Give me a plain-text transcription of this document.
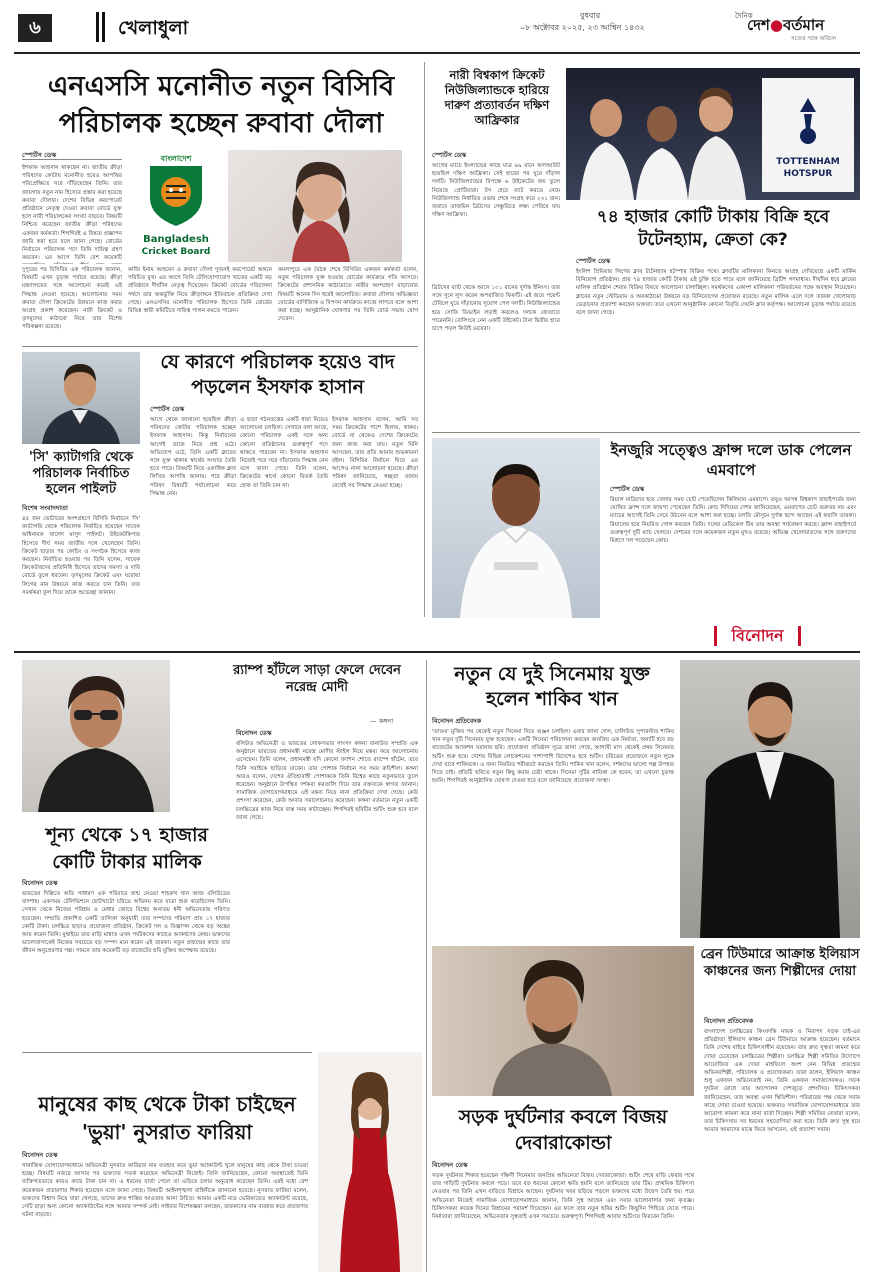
৬	খেলাধুলা
বুধবার
০৮ অক্টোবর ২০২৫, ২৩ আশ্বিন ১৪৩২
দৈনিক
দেশ●বর্তমান
সত্যের পক্ষে অবিচল
এনএসসি মনোনীত নতুন বিসিবি পরিচালক হচ্ছেন রুবাবা দৌলা
স্পোর্টস ডেস্ক	বাংলাদেশ
Bangladesh
Cricket Board
ইশফাক আহসান থাকছেন না। জাতীয় ক্রীড়া পরিষদের কোটায় মনোনীত হয়েও আপত্তির পরিপ্রেক্ষিতে সরে দাঁড়িয়েছেন তিনি। তার জায়গায় নতুন নাম হিসেবে প্রস্তাব করা হয়েছে রুবাবা দৌলার। দেশের বিভিন্ন করপোরেট প্রতিষ্ঠানে নেতৃত্ব দেওয়া রুবাবা বোর্ডে যুক্ত হলে নারী পরিচালকের সংখ্যা বাড়বে। বিষয়টি নিশ্চিত করেছেন জাতীয় ক্রীড়া পরিষদের একজন কর্মকর্তা। শিগগিরই এ বিষয়ে প্রজ্ঞাপন জারি করা হবে বলে জানা গেছে। বোর্ডের নির্বাচনে পরিচালক পদে তিনি দায়িত্ব গ্রহণ করবেন। এর আগে তিনি বেশ কয়েকটি
দুপুরের পর বিসিবির এক পরিচালক জানান, বিষয়টি এখন চূড়ান্ত পর্যায়ে রয়েছে। ক্রীড়া মন্ত্রণালয়ের সঙ্গে আলোচনা করেই এই সিদ্ধান্ত নেওয়া হয়েছে। আলোচনার সময় রুবাবা দৌলা ক্রিকেটের উন্নয়নে কাজ করার আগ্রহ প্রকাশ করেছেন। নারী ক্রিকেট ও তৃণমূলের কাঠামো নিয়ে তার বিশেষ পরিকল্পনা রয়েছে।
কাজি ইনাম আহমেদ ও রুবাবা দৌলা দুজনই করপোরেট অঙ্গনে পরিচিত মুখ। এর আগে তিনি টেলিযোগাযোগ খাতের একটি বড় প্রতিষ্ঠানে দীর্ঘদিন নেতৃত্ব দিয়েছেন। ক্রিকেট বোর্ডের পরিচালনা পর্ষদে তার অন্তর্ভুক্তি নিয়ে ক্রীড়াঙ্গনে ইতিবাচক প্রতিক্রিয়া দেখা গেছে। এনএসসির মনোনীত পরিচালক হিসেবে তিনি বোর্ডের বিভিন্ন স্থায়ী কমিটিতে দায়িত্ব পালন করতে পারেন।
কমলাপুরে এক বৈঠক শেষে বিসিবির একজন কর্মকর্তা বলেন, নতুন পরিচালক যুক্ত হওয়ায় বোর্ডের কার্যক্রমে গতি আসবে। ক্রিকেটের প্রশাসনিক কাঠামোতে নারীর অংশগ্রহণ বাড়ানোর বিষয়টি অনেক দিন ধরেই আলোচিত। রুবাবা দৌলার অভিজ্ঞতা বোর্ডের বাণিজ্যিক ও বিপণন কার্যক্রমে কাজে লাগবে বলে আশা করা হচ্ছে। আনুষ্ঠানিক ঘোষণার পর তিনি বোর্ড সভায় যোগ দেবেন।
যে কারণে পরিচালক হয়েও বাদ পড়লেন ইসফাক হাসান
স্পোর্টস ডেস্ক
আগে থেকে জানানো হয়েছিল ক্রীড়া পরিষদের কোটায় পরিচালক হচ্ছেন ইসফাক আহসান। কিন্তু নির্বাচনের আগেই তাকে নিয়ে প্রশ্ন ওঠে। অভিযোগ ওঠে, তিনি একটি ক্লাবের সঙ্গে যুক্ত থাকায় স্বার্থের সংঘাত তৈরি হতে পারে। বিষয়টি নিয়ে একাধিক ক্লাব লিখিত আপত্তি জানায়। পরে ক্রীড়া পরিষদ বিষয়টি পর্যালোচনা করে সিদ্ধান্ত নেয়।
এ ছাড়া গঠনতন্ত্রের একটি ধারা নিয়েও আলোচনা চলছিল। সেখানে বলা আছে, কোনো পরিচালক একই সঙ্গে অন্য কোনো প্রতিষ্ঠানের গুরুত্বপূর্ণ পদে থাকতে পারবেন না। ইসফাক আহসান নিজেই পরে সরে দাঁড়ানোর সিদ্ধান্ত নেন বলে জানা গেছে। তিনি বলেন, ক্রিকেটের স্বার্থে কোনো বিতর্ক তৈরি হোক তা তিনি চান না।
ইসফাক আহসান বলেন, আমি সব সময় ক্রিকেটের পাশে ছিলাম, থাকব। বোর্ডে না থেকেও দেশের ক্রিকেটের জন্য কাজ করা যায়। নতুন যিনি আসছেন, তার প্রতি আমার শুভকামনা রইল। বিসিবির নির্বাচন ঘিরে এর আগেও নানা আলোচনা হয়েছে। ক্রীড়া পরিষদ জানিয়েছে, স্বচ্ছতা বজায় রেখেই সব সিদ্ধান্ত নেওয়া হচ্ছে।
'সি' ক্যাটাগরি থেকে পরিচালক নির্বাচিত হলেন পাইলট
বিশেষ সংবাদদাতা
৪৫ জন ভোটারের অংশগ্রহণে বিসিবি নির্বাচনে 'সি' ক্যাটাগরি থেকে পরিচালক নির্বাচিত হয়েছেন সাবেক অধিনায়ক খালেদ মাসুদ পাইলট। উইকেটকিপার হিসেবে দীর্ঘ সময় জাতীয় দলে খেলেছেন তিনি। ক্রিকেট ছাড়ার পর কোচিং ও সংগঠক হিসেবে কাজ করছেন। নির্বাচিত হওয়ার পর তিনি বলেন, সাবেক ক্রিকেটারদের প্রতিনিধি হিসেবে তাদের সমস্যা ও দাবি বোর্ডে তুলে ধরবেন। তৃণমূলের ক্রিকেট এবং ঘরোয়া লিগের মান উন্নয়নে কাজ করতে চান তিনি। তার সমর্থকরা ফুল দিয়ে তাকে শুভেচ্ছা জানান।
নারী বিশ্বকাপ ক্রিকেট নিউজিল্যান্ডকে হারিয়ে দারুণ প্রত্যাবর্তন দক্ষিণ আফ্রিকার
স্পোর্টস ডেস্ক
আগের ম্যাচে ইংল্যান্ডের কাছে মাত্র ৬৯ রানে অলআউট হয়েছিল দক্ষিণ আফ্রিকা। সেই হারের পর ঘুরে দাঁড়াল দলটি। নিউজিল্যান্ডের বিপক্ষে ৬ উইকেটের জয় তুলে নিয়েছে প্রোটিয়ারা। টস হেরে ব্যাট করতে নেমে নিউজিল্যান্ড নির্ধারিত ওভার শেষে সংগ্রহ করে ২৩১ রান। জবাবে তাজমিন ব্রিটসের সেঞ্চুরিতে লক্ষ্য পেরিয়ে যায় দক্ষিণ আফ্রিকা।
ব্রিটসের ব্যাট থেকে আসে ১০১ রানের দুর্দান্ত ইনিংস। তার সঙ্গে সুনে লুস করেন অপরাজিত ফিফটি। এই জয়ে পয়েন্ট টেবিলে ঘুরে দাঁড়ানোর সুযোগ পেল দলটি। নিউজিল্যান্ডের হয়ে সোফি ডিভাইন লড়াই করলেও দলকে জেতাতে পারেননি। বোলিংয়ে নেন একটি উইকেট। টানা দ্বিতীয় হারে চাপে পড়ল কিউই মেয়েরা।
TOTTENHAM
HOTSPUR
৭৪ হাজার কোটি টাকায় বিক্রি হবে টটেনহ্যাম, ক্রেতা কে?
স্পোর্টস ডেস্ক
ইংলিশ প্রিমিয়ার লিগের ক্লাব টটেনহ্যাম হটস্পার বিক্রির পথে। ক্লাবটির মালিকানা কিনতে আগ্রহ দেখিয়েছে একটি মার্কিন বিনিয়োগ প্রতিষ্ঠান। প্রায় ৭৪ হাজার কোটি টাকায় এই চুক্তি হতে পারে বলে জানিয়েছে ব্রিটিশ গণমাধ্যম। দীর্ঘদিন ধরে ক্লাবের মালিক প্রতিষ্ঠান শেয়ার বিক্রির বিষয়ে আলোচনা চালাচ্ছিল। সমর্থকদের একাংশ মালিকানা পরিবর্তনের পক্ষে অবস্থান নিয়েছেন। ক্লাবের নতুন স্টেডিয়াম ও অবকাঠামো উন্নয়নে বড় বিনিয়োগের প্রয়োজন রয়েছে। নতুন মালিক এলে দলে তারকা খেলোয়াড় ভেড়ানোর প্রত্যাশা করছেন ভক্তরা। তবে এখনো আনুষ্ঠানিক কোনো বিবৃতি দেয়নি ক্লাব কর্তৃপক্ষ। আলোচনা চূড়ান্ত পর্যায়ে রয়েছে বলে জানা গেছে।
ইনজুরি সত্ত্বেও ফ্রান্স দলে ডাক পেলেন এমবাপে
স্পোর্টস ডেস্ক
রিয়াল মাদ্রিদের হয়ে খেলার সময় চোট পেয়েছিলেন কিলিয়ান এমবাপে। তবুও আসন্ন বিশ্বকাপ বাছাইপর্বের জন্য ঘোষিত ফ্রান্স দলে জায়গা পেয়েছেন তিনি। কোচ দিদিয়ের দেশম জানিয়েছেন, এমবাপের চোট গুরুতর নয় এবং ম্যাচের আগেই তিনি সেরে উঠবেন বলে আশা করা হচ্ছে। চলতি মৌসুমে দুর্দান্ত ছন্দে আছেন এই ফরাসি তারকা। রিয়ালের হয়ে নিয়মিত গোল করছেন তিনি। দলের মেডিকেল টিম তার অবস্থা পর্যবেক্ষণ করছে। ফ্রান্স বাছাইপর্বে গুরুত্বপূর্ণ দুটি ম্যাচ খেলবে। দেশমের দলে কয়েকজন নতুন মুখও রয়েছে। অভিজ্ঞ খেলোয়াড়দের সঙ্গে তরুণদের মিশ্রণে দল গড়েছেন কোচ।
বিনোদন
র‍্যাম্প হাঁটলে সাড়া ফেলে দেবেন নরেন্দ্র মোদী
— কঙ্গনা
বিনোদন ডেস্ক
বলিউড অভিনেত্রী ও ভারতের লোকসভার সাংসদ কঙ্গনা রানাউত সম্প্রতি এক অনুষ্ঠানে ভারতের প্রধানমন্ত্রী নরেন্দ্র মোদীর স্টাইল নিয়ে মন্তব্য করে আলোচনায় এসেছেন। তিনি বলেন, প্রধানমন্ত্রী যদি কোনো ফ্যাশন শোতে র‍্যাম্পে হাঁটেন, তবে তিনি সবাইকে ছাড়িয়ে যাবেন। তার পোশাক নির্বাচন সব সময় রুচিশীল। কঙ্গনা আরও বলেন, দেশের ঐতিহ্যবাহী পোশাককে তিনি বিশ্বের কাছে নতুনভাবে তুলে ধরেছেন। অনুষ্ঠানে উপস্থিত দর্শকরা করতালি দিয়ে তার বক্তব্যকে স্বাগত জানান। সামাজিক যোগাযোগমাধ্যমে এই মন্তব্য নিয়ে নানা প্রতিক্রিয়া দেখা গেছে। কেউ প্রশংসা করেছেন, কেউ আবার সমালোচনাও করেছেন। কঙ্গনা বর্তমানে নতুন একটি চলচ্চিত্রের কাজ নিয়ে ব্যস্ত সময় কাটাচ্ছেন। শিগগিরই ছবিটির শুটিং শুরু হবে বলে জানা গেছে।
শূন্য থেকে ১৭ হাজার কোটি টাকার মালিক
বিনোদন ডেস্ক
ভারতের দিল্লিতে অতি সাধারণ এক পরিবারে জন্ম নেওয়া শাহরুখ খান আজ বলিউডের বাদশাহ। একসময় টেলিভিশনে ছোটখাটো চরিত্রে অভিনয় করে যাত্রা শুরু করেছিলেন তিনি। সেখান থেকে নিজের পরিশ্রম ও মেধার জোরে বিশ্বের অন্যতম ধনী অভিনেতায় পরিণত হয়েছেন। সম্প্রতি প্রকাশিত একটি তালিকা অনুযায়ী তার সম্পদের পরিমাণ প্রায় ১৭ হাজার কোটি টাকা। চলচ্চিত্র ছাড়াও প্রযোজনা প্রতিষ্ঠান, ক্রিকেট দল ও বিজ্ঞাপন থেকে বড় অঙ্কের আয় করেন তিনি। মুম্বাইয়ে তার বাড়ি মান্নাত এখন পর্যটকদের কাছেও আকর্ষণের কেন্দ্র। ভক্তদের ভালোবাসাকেই নিজের সবচেয়ে বড় সম্পদ মনে করেন এই তারকা। নতুন প্রজন্মের কাছে তার জীবন অনুপ্রেরণার গল্প। সামনে তার কয়েকটি বড় বাজেটের ছবি মুক্তির অপেক্ষায় রয়েছে।
মানুষের কাছ থেকে টাকা চাইছেন 'ভুয়া' নুসরাত ফারিয়া
বিনোদন ডেস্ক
সামাজিক যোগাযোগমাধ্যমে অভিনেত্রী নুসরাত ফারিয়ার নাম ব্যবহার করে ভুয়া অ্যাকাউন্ট খুলে মানুষের কাছ থেকে টাকা চাওয়া হচ্ছে। বিষয়টি নজরে আসার পর ভক্তদের সতর্ক করেছেন অভিনেত্রী নিজেই। তিনি জানিয়েছেন, কোনো অবস্থাতেই তিনি ব্যক্তিগতভাবে কারও কাছে টাকা চান না। এ ধরনের বার্তা পেলে তা এড়িয়ে চলার অনুরোধ করেছেন তিনি। এরই মধ্যে বেশ কয়েকজন প্রতারণার শিকার হয়েছেন বলে জানা গেছে। বিষয়টি আইনশৃঙ্খলা বাহিনীকে জানানো হয়েছে। নুসরাত ফারিয়া বলেন, ভক্তদের বিশ্বাস নিয়ে যারা খেলছে, তাদের দ্রুত শাস্তির আওতায় আনা উচিত। আমার একটি মাত্র ভেরিফায়েড অ্যাকাউন্ট রয়েছে, সেটি ছাড়া অন্য কোনো অ্যাকাউন্টের সঙ্গে আমার সম্পর্ক নেই। সাইবার বিশেষজ্ঞরা বলছেন, তারকাদের নাম ব্যবহার করে প্রতারণার ঘটনা বাড়ছে।
নতুন যে দুই সিনেমায় যুক্ত হলেন শাকিব খান
বিনোদন প্রতিবেদক
'তাণ্ডব' মুক্তির পর থেকেই নতুন সিনেমা নিয়ে গুঞ্জন চলছিল। এবার জানা গেল, ঢালিউড সুপারস্টার শাকিব খান নতুন দুটি সিনেমায় যুক্ত হয়েছেন। একটি সিনেমা পরিচালনা করবেন জনপ্রিয় এক নির্মাতা, অন্যটি হবে বড় বাজেটের অ্যাকশন ঘরানার ছবি। প্রযোজনা প্রতিষ্ঠান সূত্রে জানা গেছে, আগামী মাস থেকেই প্রথম সিনেমার শুটিং শুরু হবে। দেশের বিভিন্ন লোকেশনের পাশাপাশি বিদেশেও হবে শুটিং। চরিত্রের প্রয়োজনে নতুন লুকে দেখা যাবে শাকিবকে। এ জন্য নিয়মিত শরীরচর্চা করছেন তিনি। শাকিব খান বলেন, দর্শকদের ভালো গল্প উপহার দিতে চাই। প্রতিটি ছবিতে নতুন কিছু করার চেষ্টা থাকে। সিনেমা দুটির নায়িকা কে হবেন, তা এখনো চূড়ান্ত হয়নি। শিগগিরই আনুষ্ঠানিক ঘোষণা দেওয়া হবে বলে জানিয়েছে প্রযোজনা সংস্থা।
সড়ক দুর্ঘটনার কবলে বিজয় দেবারাকোন্ডা
বিনোদন ডেস্ক
সড়ক দুর্ঘটনার শিকার হয়েছেন দক্ষিণী সিনেমার জনপ্রিয় অভিনেতা বিজয় দেবারাকোন্ডা। শুটিং শেষে বাড়ি ফেরার পথে তার গাড়িটি দুর্ঘটনার কবলে পড়ে। তবে বড় ধরনের কোনো ক্ষতি হয়নি বলে জানিয়েছে তার টিম। প্রাথমিক চিকিৎসা নেওয়ার পর তিনি এখন বাড়িতে বিশ্রামে আছেন। দুর্ঘটনার খবর ছড়িয়ে পড়লে ভক্তদের মধ্যে উদ্বেগ তৈরি হয়। পরে অভিনেতা নিজেই সামাজিক যোগাযোগমাধ্যমে জানান, তিনি সুস্থ আছেন এবং সবার ভালোবাসার জন্য কৃতজ্ঞ। চিকিৎসকরা কয়েক দিনের বিশ্রামের পরামর্শ দিয়েছেন। এর ফলে তার নতুন ছবির শুটিং কিছুদিন পিছিয়ে যেতে পারে। নির্মাতারা জানিয়েছেন, অভিনেতার সুস্থতাই এখন সবচেয়ে গুরুত্বপূর্ণ। শিগগিরই আবার শুটিংয়ে ফিরবেন তিনি।
ব্রেন টিউমারে আক্রান্ত ইলিয়াস কাঞ্চনের জন্য শিল্পীদের দোয়া
বিনোদন প্রতিবেদক
বাংলাদেশ চলচ্চিত্রের কিংবদন্তি নায়ক ও নিরাপদ সড়ক চাই-এর প্রতিষ্ঠাতা ইলিয়াস কাঞ্চন ব্রেন টিউমারে আক্রান্ত হয়েছেন। বর্তমানে তিনি দেশের বাইরে চিকিৎসাধীন রয়েছেন। তার দ্রুত সুস্থতা কামনা করে দোয়া চেয়েছেন চলচ্চিত্রের শিল্পীরা। চলচ্চিত্র শিল্পী সমিতির উদ্যোগে আয়োজিত এক দোয়া মাহফিলে অংশ নেন বিভিন্ন প্রজন্মের অভিনয়শিল্পী, পরিচালক ও প্রযোজকরা। তারা বলেন, ইলিয়াস কাঞ্চন শুধু একজন অভিনেতাই নন, তিনি একজন সমাজসেবকও। সড়ক দুর্ঘটনা রোধে তার আন্দোলন দেশজুড়ে প্রশংসিত। চিকিৎসকরা জানিয়েছেন, তার অবস্থা এখন স্থিতিশীল। পরিবারের পক্ষ থেকে সবার কাছে দোয়া চাওয়া হয়েছে। ভক্তরাও সামাজিক যোগাযোগমাধ্যমে তার আরোগ্য কামনা করে নানা বার্তা দিচ্ছেন। শিল্পী সমিতির নেতারা বলেন, তার চিকিৎসায় সব ধরনের সহযোগিতা করা হবে। তিনি দ্রুত সুস্থ হয়ে আবার আমাদের মাঝে ফিরে আসবেন, এই প্রত্যাশা সবার।
